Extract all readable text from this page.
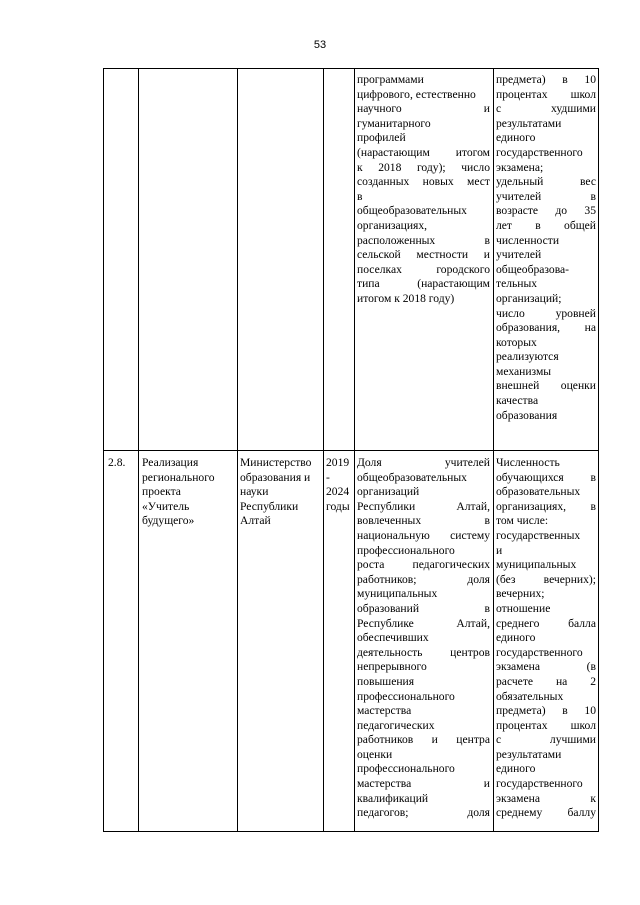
53
программами
цифрового, естественно
научного и
гуманитарного
профилей
(нарастающим итогом
к 2018 году); число
созданных новых мест
в
общеобразовательных
организациях,
расположенных в
сельской местности и
поселках городского
типа (нарастающим
итогом к 2018 году)
предмета) в 10
процентах школ
с худшими
результатами
единого
государственного
экзамена;
удельный вес
учителей в
возрасте до 35
лет в общей
численности
учителей
общеобразова-
тельных
организаций;
число уровней
образования, на
которых
реализуются
механизмы
внешней оценки
качества
образования
2.8.	Реализация
регионального
проекта
«Учитель
будущего»
Министерство
образования и
науки
Республики
Алтай
2019
-
2024
годы
Доля учителей
общеобразовательных
организаций
Республики Алтай,
вовлеченных в
национальную систему
профессионального
роста педагогических
работников; доля
муниципальных
образований в
Республике Алтай,
обеспечивших
деятельность центров
непрерывного
повышения
профессионального
мастерства
педагогических
работников и центра
оценки
профессионального
мастерства и
квалификаций
педагогов; доля
Численность
обучающихся в
образовательных
организациях, в
том числе:
государственных
и
муниципальных
(без вечерних);
вечерних;
отношение
среднего балла
единого
государственного
экзамена (в
расчете на 2
обязательных
предмета) в 10
процентах школ
с лучшими
результатами
единого
государственного
экзамена к
среднему баллу
